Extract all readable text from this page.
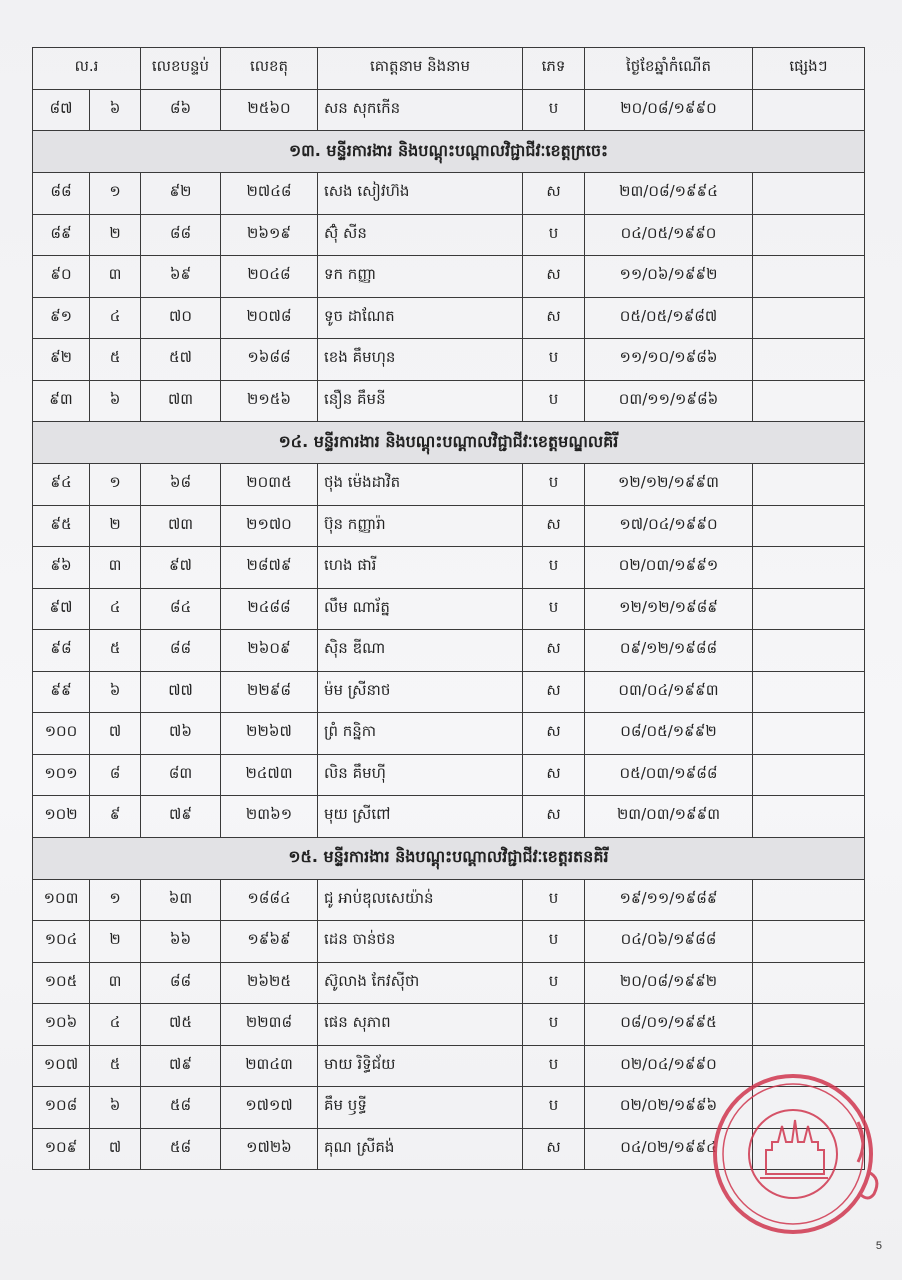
ល.រ		លេខបន្ទប់	លេខតុ	គោត្តនាម និងនាម	ភេទ	ថ្ងៃខែឆ្នាំកំណើត	ផ្សេងៗ
៨៧	៦	៨៦	២៥៦០	សន សុកកើន	ប	២០/០៨/១៩៩០	
១៣. មន្ទីរការងារ និងបណ្តុះបណ្តាលវិជ្ជាជីវៈខេត្តក្រចេះ							
៨៨	១	៩២	២៧៤៨	សេង សៀវហ៊ង	ស	២៣/០៨/១៩៩៤	
៨៩	២	៨៨	២៦១៩	ស៊ុំ សីន	ប	០៤/០៥/១៩៩០	
៩០	៣	៦៩	២០៤៨	ទក កញ្ញា	ស	១១/០៦/១៩៩២	
៩១	៤	៧០	២០៧៨	ទូច ដាណែត	ស	០៥/០៥/១៩៨៧	
៩២	៥	៥៧	១៦៨៨	ខេង គឹមហុន	ប	១១/១០/១៩៨៦	
៩៣	៦	៧៣	២១៥៦	នឿន គឹមនី	ប	០៣/១១/១៩៨៦	
១៤. មន្ទីរការងារ និងបណ្តុះបណ្តាលវិជ្ជាជីវៈខេត្តមណ្ឌលគិរី							
៩៤	១	៦៨	២០៣៥	ថុង ម៉េងដាវិត	ប	១២/១២/១៩៩៣	
៩៥	២	៧៣	២១៧០	ប៊ុន កញ្ញារ៉ា	ស	១៧/០៤/១៩៩០	
៩៦	៣	៩៧	២៨៧៩	ហេង ផារី	ប	០២/០៣/១៩៩១	
៩៧	៤	៨៤	២៤៨៨	លឹម ណារ័ត្ន	ប	១២/១២/១៩៨៩	
៩៨	៥	៨៨	២៦០៩	ស៊ិន ឌីណា	ស	០៩/១២/១៩៨៨	
៩៩	៦	៧៧	២២៩៨	ម៉ម ស្រីនាថ	ស	០៣/០៤/១៩៩៣	
១០០	៧	៧៦	២២៦៧	ព្រំ កន្និកា	ស	០៨/០៥/១៩៩២	
១០១	៨	៨៣	២៤៧៣	លិន គឹមហ៊ី	ស	០៥/០៣/១៩៨៨	
១០២	៩	៧៩	២៣៦១	មុយ ស្រីពៅ	ស	២៣/០៣/១៩៩៣	
១៥. មន្ទីរការងារ និងបណ្តុះបណ្តាលវិជ្ជាជីវៈខេត្តរតនគិរី							
១០៣	១	៦៣	១៨៨៤	ជូ អាប់ឌុលសេយ៉ាន់	ប	១៩/១១/១៩៨៩	
១០៤	២	៦៦	១៩៦៩	ដេន ចាន់ថន	ប	០៤/០៦/១៩៨៨	
១០៥	៣	៨៨	២៦២៥	ស៊ូលាង កែវស៊ីថា	ប	២០/០៨/១៩៩២	
១០៦	៤	៧៥	២២៣៨	ផេន សុភាព	ប	០៨/០១/១៩៩៥	
១០៧	៥	៧៩	២៣៤៣	មាយ រិទ្ធិជ័យ	ប	០២/០៤/១៩៩០	
១០៨	៦	៥៨	១៧១៧	គឹម ឫទ្ធី	ប	០២/០២/១៩៩៦	
១០៩	៧	៥៨	១៧២៦	គុណ ស្រីគង់	ស	០៤/០២/១៩៩៤	
5
